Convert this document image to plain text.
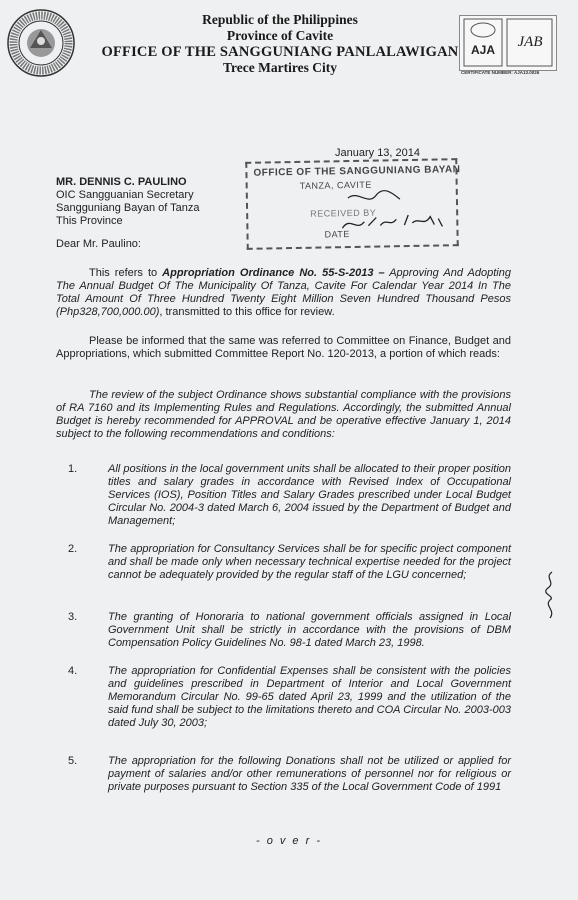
Republic of the Philippines
Province of Cavite
OFFICE OF THE SANGGUNIANG PANLALAWIGAN
Trece Martires City
AJA JAB
CERTIFICATE NUMBER: AJA13.0026
January 13, 2014
OFFICE OF THE SANGGUNIANG BAYAN
TANZA, CAVITE
RECEIVED BY
DATE
MR. DENNIS C. PAULINO
OIC Sangguanian Secretary
Sangguniang Bayan of Tanza
This Province
Dear Mr. Paulino:
This refers to Appropriation Ordinance No. 55-S-2013 – Approving And Adopting The Annual Budget Of The Municipality Of Tanza, Cavite For Calendar Year 2014 In The Total Amount Of Three Hundred Twenty Eight Million Seven Hundred Thousand Pesos (Php328,700,000.00), transmitted to this office for review.
Please be informed that the same was referred to Committee on Finance, Budget and Appropriations, which submitted Committee Report No. 120-2013, a portion of which reads:
The review of the subject Ordinance shows substantial compliance with the provisions of RA 7160 and its Implementing Rules and Regulations. Accordingly, the submitted Annual Budget is hereby recommended for APPROVAL and be operative effective January 1, 2014 subject to the following recommendations and conditions:
1.	All positions in the local government units shall be allocated to their proper position titles and salary grades in accordance with Revised Index of Occupational Services (IOS), Position Titles and Salary Grades prescribed under Local Budget Circular No. 2004-3 dated March 6, 2004 issued by the Department of Budget and Management;
2.	The appropriation for Consultancy Services shall be for specific project component and shall be made only when necessary technical expertise needed for the project cannot be adequately provided by the regular staff of the LGU concerned;
3.	The granting of Honoraria to national government officials assigned in Local Government Unit shall be strictly in accordance with the provisions of DBM Compensation Policy Guidelines No. 98-1 dated March 23, 1998.
4.	The appropriation for Confidential Expenses shall be consistent with the policies and guidelines prescribed in Department of Interior and Local Government Memorandum Circular No. 99-65 dated April 23, 1999 and the utilization of the said fund shall be subject to the limitations thereto and COA Circular No. 2003-003 dated July 30, 2003;
5.	The appropriation for the following Donations shall not be utilized or applied for payment of salaries and/or other remunerations of personnel nor for religious or private purposes pursuant to Section 335 of the Local Government Code of 1991
- o v e r -
